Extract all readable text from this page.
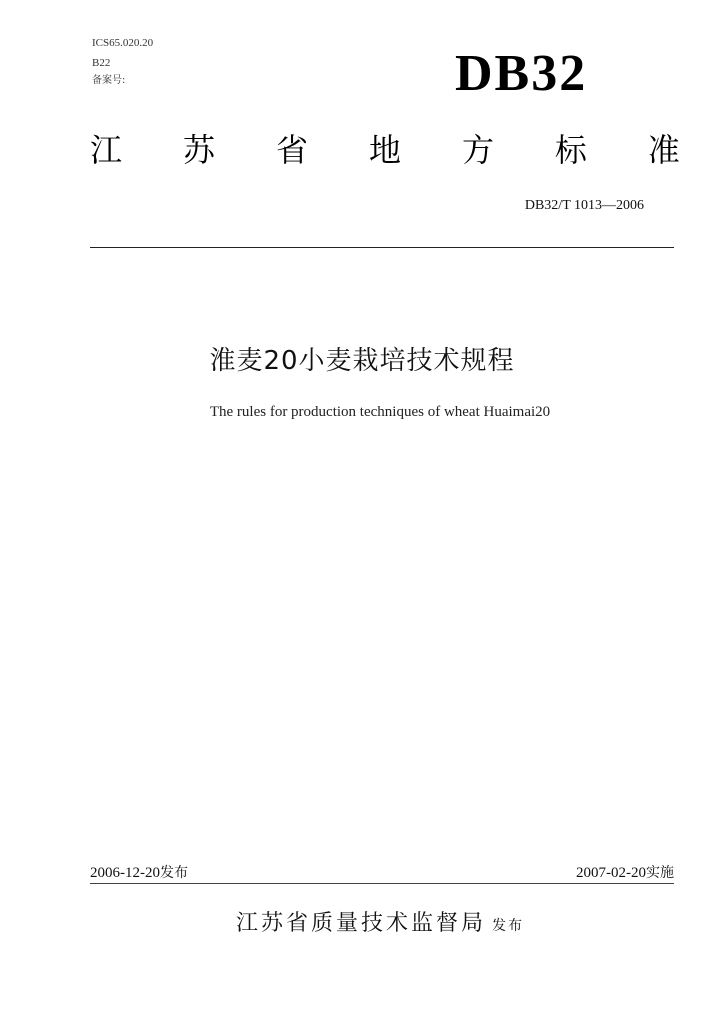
ICS65.020.20
B22
备案号:	DB32
江 苏 省 地 方 标 准
DB32/T 1013—2006
淮麦20小麦栽培技术规程
The rules for production techniques of wheat Huaimai20
2006-12-20发布	2007-02-20实施
江苏省质量技术监督局 发布
